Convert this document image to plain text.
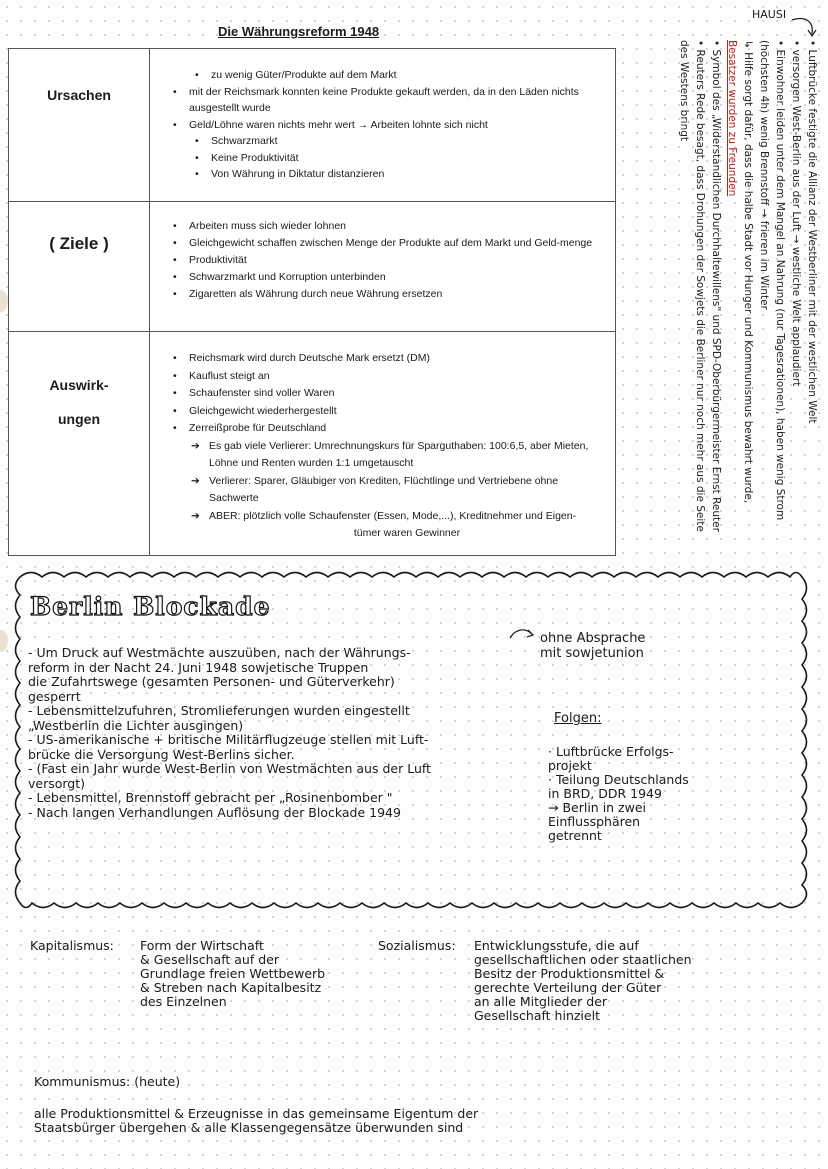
Die Währungsreform 1948
Ursachen
• zu wenig Güter/Produkte auf dem Markt
• mit der Reichsmark konnten keine Produkte gekauft werden, da in den Läden nichts ausgestellt wurde
• Geld/Löhne waren nichts mehr wert → Arbeiten lohnte sich nicht
• Schwarzmarkt
• Keine Produktivität
• Von Währung in Diktatur distanzieren
( Ziele )
• Arbeiten muss sich wieder lohnen
• Gleichgewicht schaffen zwischen Menge der Produkte auf dem Markt und Geld-menge
• Produktivität
• Schwarzmarkt und Korruption unterbinden
• Zigaretten als Währung durch neue Währung ersetzen
Auswirk-ungen
• Reichsmark wird durch Deutsche Mark ersetzt (DM)
• Kauflust steigt an
• Schaufenster sind voller Waren
• Gleichgewicht wiederhergestellt
• Zerreißprobe für Deutschland
➔ Es gab viele Verlierer: Umrechnungskurs für Sparguthaben: 100:6,5, aber Mieten, Löhne und Renten wurden 1:1 umgetauscht
➔ Verlierer: Sparer, Gläubiger von Krediten, Flüchtlinge und Vertriebene ohne Sachwerte
➔ ABER: plötzlich volle Schaufenster (Essen, Mode,...), Kreditnehmer und Eigen-
tümer waren Gewinner
HAUSI

• Luftbrücke festigte die Allianz der Westberliner mit der westlichen Welt

• versorgen West-Berlin aus der Luft → westliche Welt applaudiert

• Einwohner leiden unter dem Mangel an Nahrung (nur Tagesrationen), haben wenig Strom (höchsten 4h) wenig Brennstoff → frieren im Winter

↳ Hilfe sorgt dafür, dass die halbe Stadt vor Hunger und Kommunismus bewahrt wurde, Besatzer wurden zu Freunden

• Symbol des „Widerstandlichen Durchhaltewillens" und SPD-Oberbürgermeister Ernst Reuter

• Reuters Rede besagt, dass Drohungen der Sowjets die Berliner nur noch mehr aus die Seite des Westens bringt

Berlin Blockade

- Um Druck auf Westmächte auszuüben, nach der Währungs-

reform in der Nacht 24. Juni 1948 sowjetische Truppen

die Zufahrtswege (gesamten Personen- und Güterverkehr)

gesperrt

- Lebensmittelzufuhren, Stromlieferungen wurden eingestellt

„Westberlin die Lichter ausgingen)

- US-amerikanische + britische Militärflugzeuge stellen mit Luft-

brücke die Versorgung West-Berlins sicher.

- (Fast ein Jahr wurde West-Berlin von Westmächten aus der Luft

versorgt)

- Lebensmittel, Brennstoff gebracht per „Rosinenbomber "

- Nach langen Verhandlungen Auflösung der Blockade 1949

ohne Absprache
mit sowjetunion
Folgen:

· Luftbrücke Erfolgs-

projekt

· Teilung Deutschlands

in BRD, DDR 1949

→ Berlin in zwei

Einflussphären

getrennt

Kapitalismus: Form der Wirtschaft

& Gesellschaft auf der

Grundlage freien Wettbewerb

& Streben nach Kapitalbesitz

des Einzelnen

Sozialismus: Entwicklungsstufe, die auf

gesellschaftlichen oder staatlichen

Besitz der Produktionsmittel &

gerechte Verteilung der Güter

an alle Mitglieder der

Gesellschaft hinzielt

Kommunismus: (heute)

alle Produktionsmittel & Erzeugnisse in das gemeinsame Eigentum der

Staatsbürger übergehen & alle Klassengegensätze überwunden sind
